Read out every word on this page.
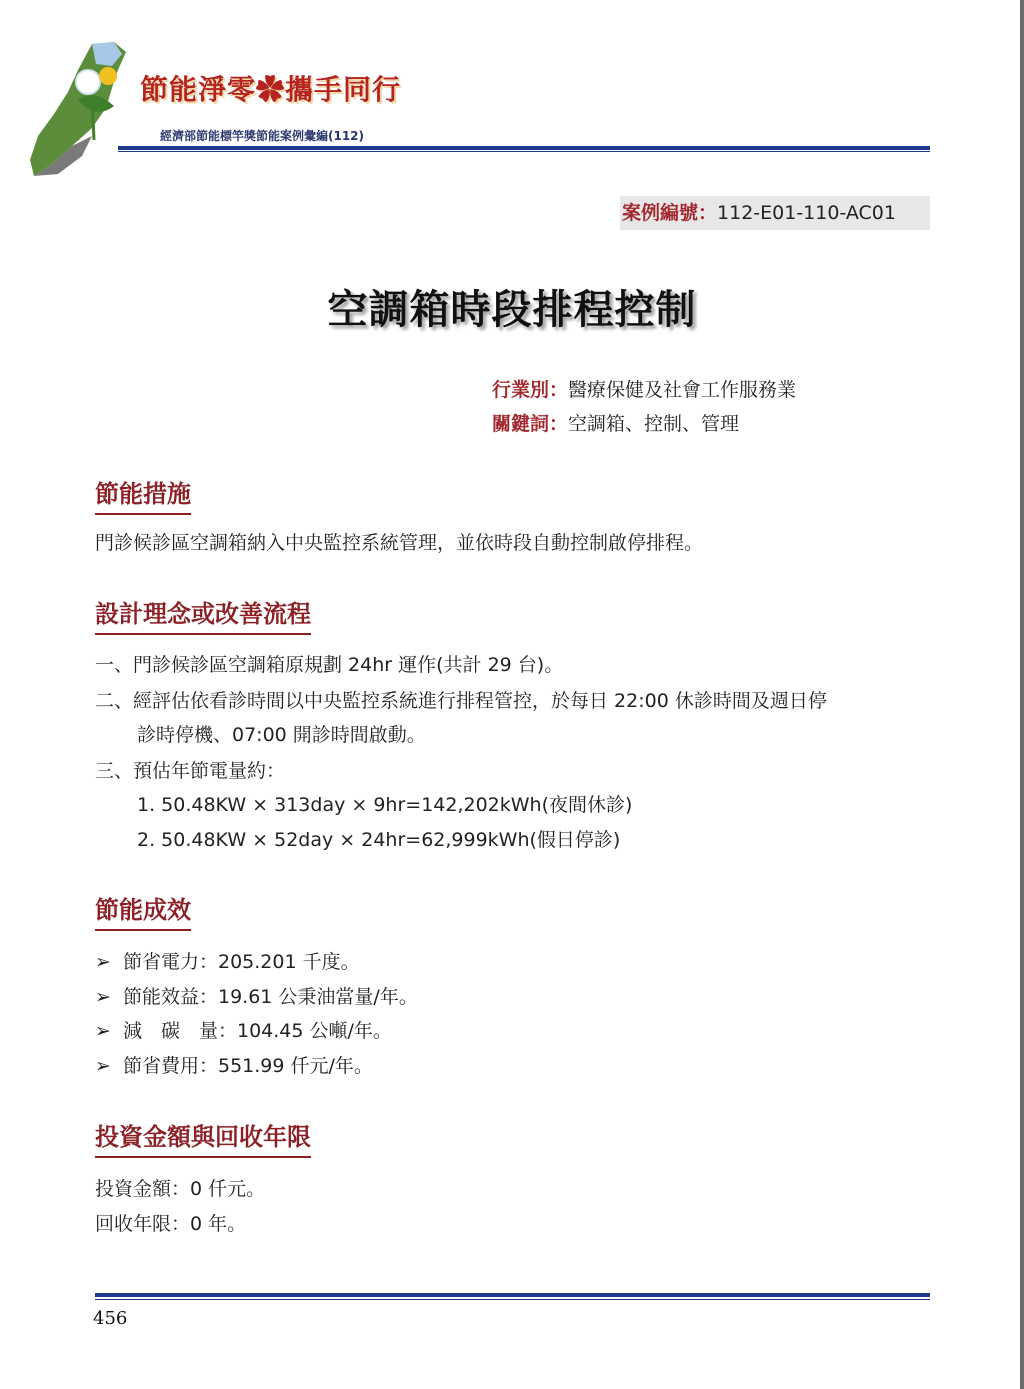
節能淨零✿攜手同行
經濟部節能標竿獎節能案例彙編(112)
案例編號：112-E01-110-AC01
空調箱時段排程控制
行業別：醫療保健及社會工作服務業
關鍵詞：空調箱、控制、管理
節能措施
門診候診區空調箱納入中央監控系統管理，並依時段自動控制啟停排程。
設計理念或改善流程
一、門診候診區空調箱原規劃 24hr 運作(共計 29 台)。
二、經評估依看診時間以中央監控系統進行排程管控，於每日 22:00 休診時間及週日停
診時停機、07:00 開診時間啟動。
三、預估年節電量約：
1. 50.48KW × 313day × 9hr=142,202kWh(夜間休診)
2. 50.48KW × 52day × 24hr=62,999kWh(假日停診)
節能成效
➢ 節省電力：205.201 千度。
➢ 節能效益：19.61 公秉油當量/年。
➢ 減　碳　量：104.45 公噸/年。
➢ 節省費用：551.99 仟元/年。
投資金額與回收年限
投資金額：0 仟元。
回收年限：0 年。
456
